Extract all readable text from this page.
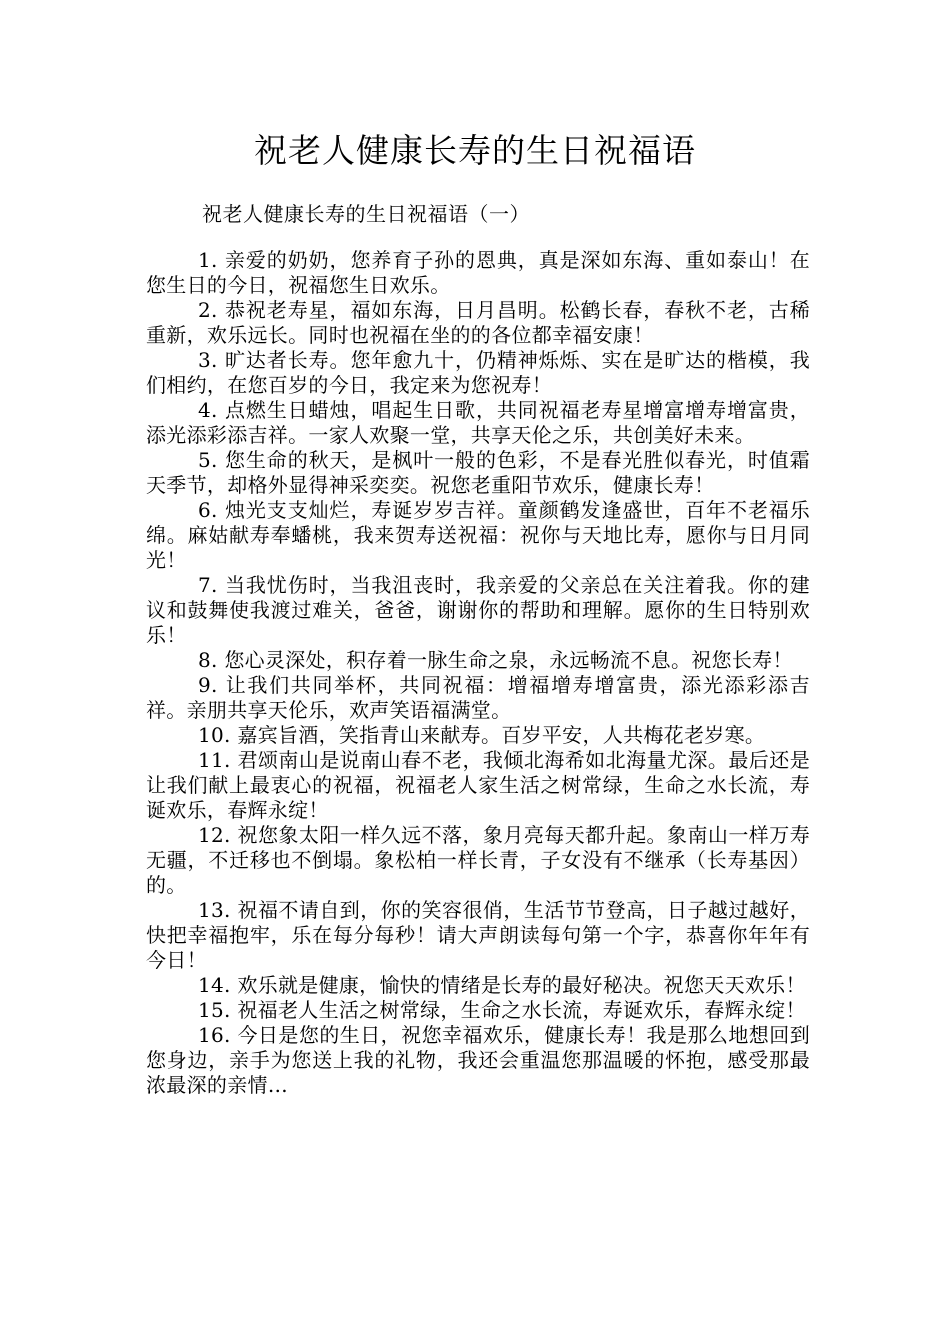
祝老人健康长寿的生日祝福语
祝老人健康长寿的生日祝福语（一）
1. 亲爱的奶奶，您养育子孙的恩典，真是深如东海、重如泰山！在您生日的今日，祝福您生日欢乐。
2. 恭祝老寿星，福如东海，日月昌明。松鹤长春，春秋不老，古稀重新，欢乐远长。同时也祝福在坐的的各位都幸福安康！
3. 旷达者长寿。您年愈九十，仍精神烁烁、实在是旷达的楷模，我们相约，在您百岁的今日，我定来为您祝寿！
4. 点燃生日蜡烛，唱起生日歌，共同祝福老寿星增富增寿增富贵，添光添彩添吉祥。一家人欢聚一堂，共享天伦之乐，共创美好未来。
5. 您生命的秋天，是枫叶一般的色彩，不是春光胜似春光，时值霜天季节，却格外显得神采奕奕。祝您老重阳节欢乐，健康长寿！
6. 烛光支支灿烂，寿诞岁岁吉祥。童颜鹤发逢盛世，百年不老福乐绵。麻姑献寿奉蟠桃，我来贺寿送祝福：祝你与天地比寿，愿你与日月同光！
7. 当我忧伤时，当我沮丧时，我亲爱的父亲总在关注着我。你的建议和鼓舞使我渡过难关，爸爸，谢谢你的帮助和理解。愿你的生日特别欢乐！
8. 您心灵深处，积存着一脉生命之泉，永远畅流不息。祝您长寿！
9. 让我们共同举杯，共同祝福：增福增寿增富贵，添光添彩添吉祥。亲朋共享天伦乐，欢声笑语福满堂。
10. 嘉宾旨酒，笑指青山来献寿。百岁平安，人共梅花老岁寒。
11. 君颂南山是说南山春不老，我倾北海希如北海量尤深。最后还是让我们献上最衷心的祝福，祝福老人家生活之树常绿，生命之水长流，寿诞欢乐，春辉永绽！
12. 祝您象太阳一样久远不落，象月亮每天都升起。象南山一样万寿无疆，不迁移也不倒塌。象松柏一样长青，子女没有不继承（长寿基因）的。
13. 祝福不请自到，你的笑容很俏，生活节节登高，日子越过越好，快把幸福抱牢，乐在每分每秒！请大声朗读每句第一个字，恭喜你年年有今日！
14. 欢乐就是健康，愉快的情绪是长寿的最好秘决。祝您天天欢乐！
15. 祝福老人生活之树常绿，生命之水长流，寿诞欢乐，春辉永绽！
16. 今日是您的生日，祝您幸福欢乐，健康长寿！我是那么地想回到您身边，亲手为您送上我的礼物，我还会重温您那温暖的怀抱，感受那最浓最深的亲情…
